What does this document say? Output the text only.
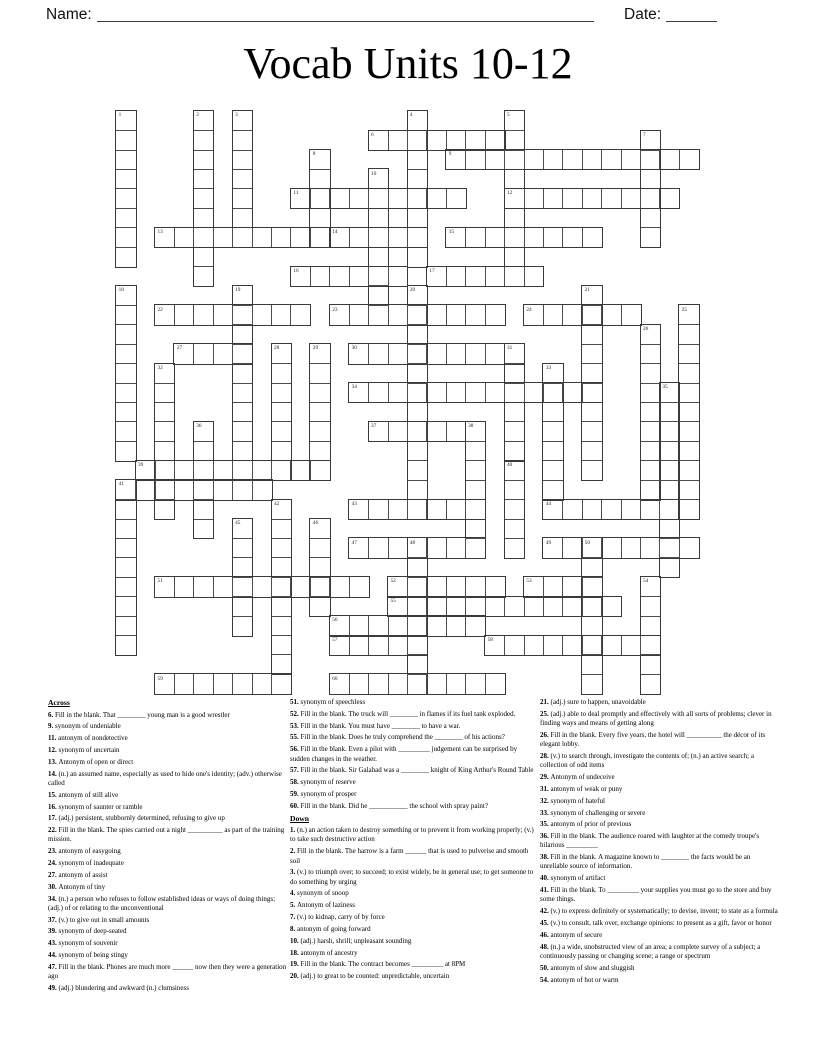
Name:	Date:
Vocab Units 10-12
1	2	3	4	5
6	7
8	9
10
11	12
13	14	15
16	17
18	19	20	21
22	23	24	25
26
27	28	29	30	31
32	33
34	35
36	37	38
39	40
41
42	43	44
45	46
47	48	49	50
51	52	53	54
55
56
57	58
59	60
Across
6. Fill in the blank. That ________ young man is a good wrestler
9. synonym of undeniable
11. antonym of nondetective
12. synonym of uncertain
13. Antonym of open or direct
14. (n.) an assumed name, especially as used to hide one's identity; (adv.) otherwise called
15. antonym of still alive
16. synonym of saunter or ramble
17. (adj.) persistent, stubbornly determined, refusing to give up
22. Fill in the blank. The spies carried out a night __________ as part of the training mission.
23. antonym of easygoing
24. synonym of inadequate
27. antonym of assist
30. Antonym of tiny
34. (n.) a person who refuses to follow established ideas or ways of doing things; (adj.) of or relating to the unconventional
37. (v.) to give out in small amounts
39. synonym of deep-seated
43. synonym of souvenir
44. synonym of being stingy
47. Fill in the blank. Phones are much more ______ now then they were a generation ago
49. (adj.) blundering and awkward (n.) clumsiness
51. synonym of speechless
52. Fill in the blank. The truck will ________ in flames if its fuel tank exploded.
53. Fill in the blank. You must have ________ to have a war.
55. Fill in the blank. Does he truly comprehend the ________ of his actions?
56. Fill in the blank. Even a pilot with _________ judgement can be surprised by sudden changes in the weather.
57. Fill in the blank. Sir Galahad was a ________ knight of King Arthur's Round Table
58. synonym of reserve
59. synonym of prosper
60. Fill in the blank. Did he ___________ the school with spray paint?
Down
1. (n.) an action taken to destroy something or to prevent it from working properly; (v.) to take such destructive action
2. Fill in the blank. The harrow is a farm ______ that is used to pulverise and smooth soil
3. (v.) to triumph over; to succeed; to exist widely, be in general use; to get someone to do something by urging
4. synonym of snoop
5. Antonym of laziness
7. (v.) to kidnap, carry of by force
8. antonym of going forward
10. (adj.) harsh, shrill; unpleasant sounding
18. antonym of ancestry
19. Fill in the blank. The contract becomes _________ at 8PM
20. (adj.) to great to be counted: unpredictable, uncertain
21. (adj.) sure to happen, unavoidable
25. (adj.) able to deal promptly and effectively with all sorts of problems; clever in finding ways and means of getting along
26. Fill in the blank. Every five years, the hotel will __________ the décor of its elegant lobby.
28. (v.) to search through, investigate the contents of; (n.) an active search; a collection of odd items
29. Antonym of undeceive
31. antonym of weak or puny
32. synonym of hateful
33. synonym of challenging or severe
35. antonym of prior of previous
36. Fill in the blank. The audience roared with laughter at the comedy troupe's hilarious _________
38. Fill in the blank. A magazine known to ________ the facts would be an unreliable source of information.
40. synonym of artifact
41. Fill in the blank. To _________ your supplies you must go to the store and buy some things.
42. (v.) to express definitely or systematically; to devise, invent; to state as a formula
45. (v.) to consult, talk over, exchange opinions: to present as a gift, favor or honor
46. antonym of secure
48. (n.) a wide, unobstructed view of an area; a complete survey of a subject; a continuously passing or changing scene; a range or spectrum
50. antonym of slow and sluggish
54. antonym of hot or warm
